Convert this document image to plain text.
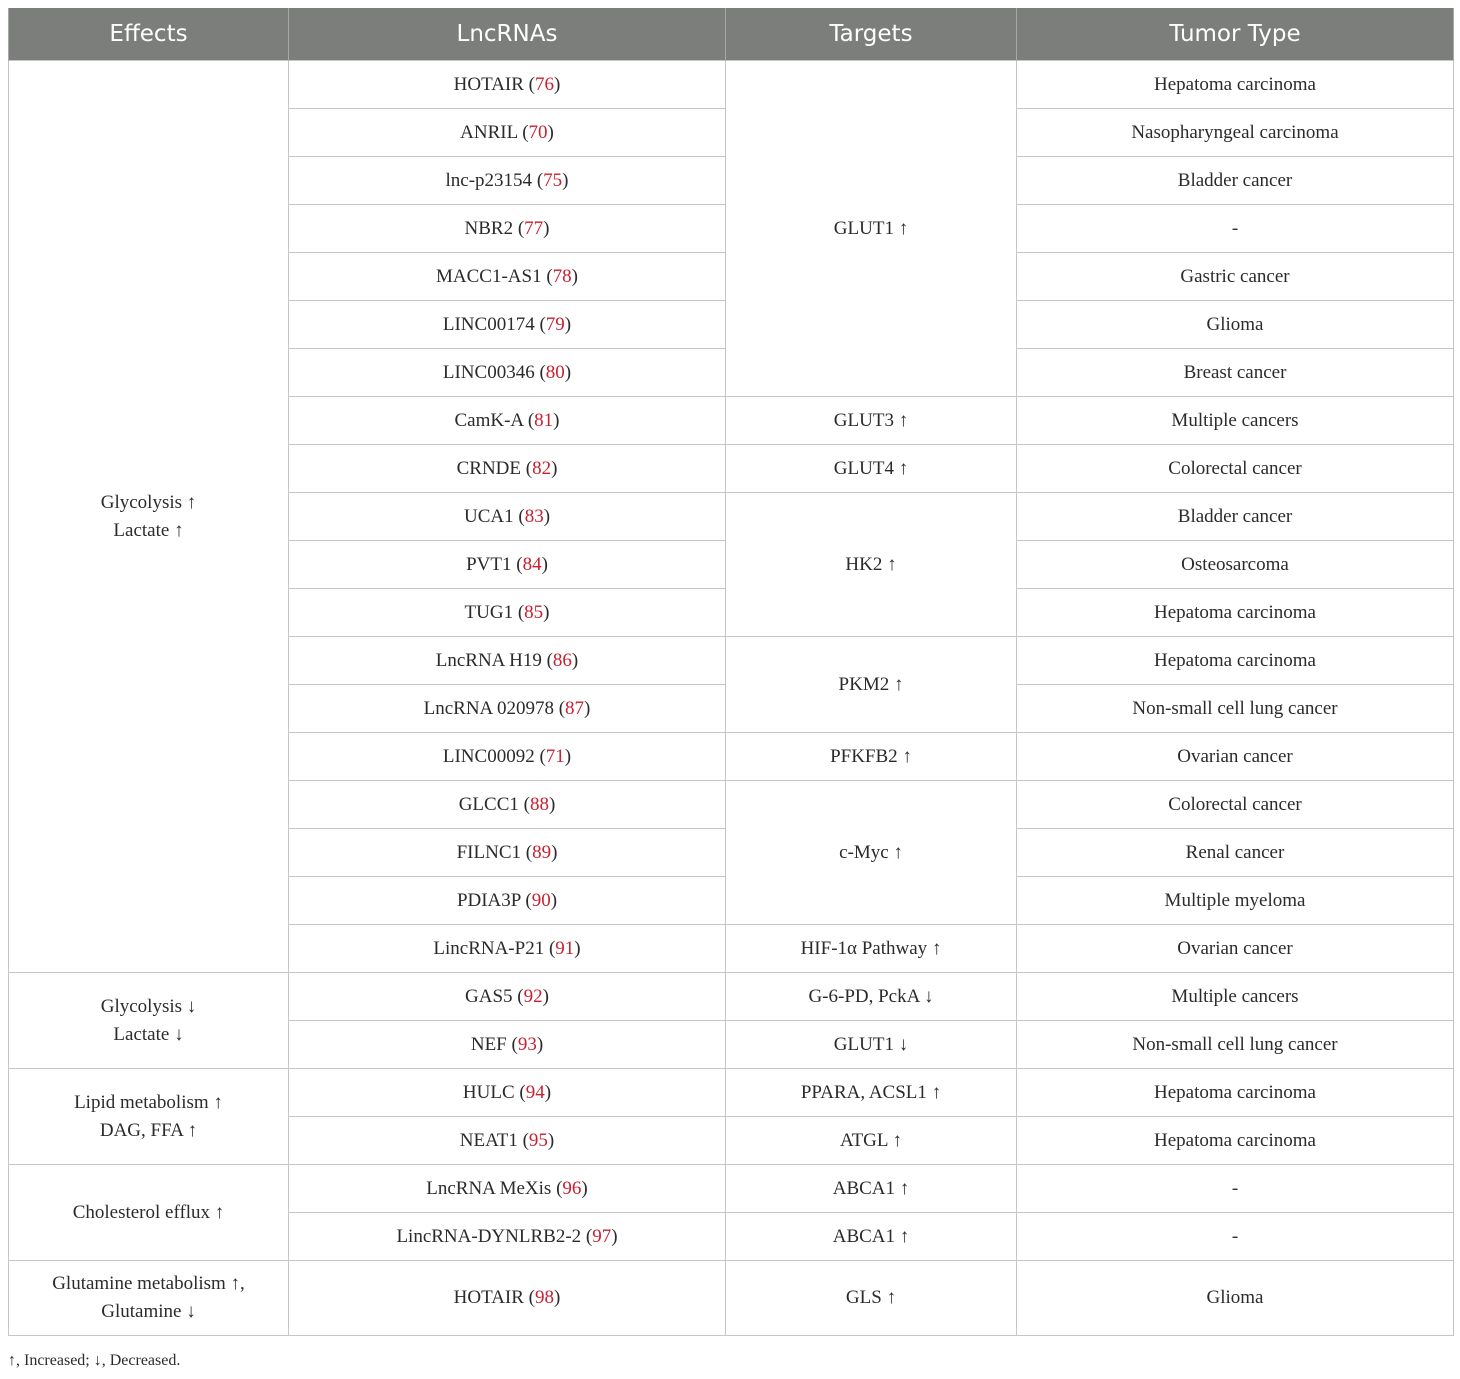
Effects	LncRNAs	Targets	Tumor Type

Glycolysis ↑
Lactate ↑	HOTAIR (76)	GLUT1 ↑	Hepatoma carcinoma
	ANRIL (70)		Nasopharyngeal carcinoma
	lnc-p23154 (75)		Bladder cancer
	NBR2 (77)		-
	MACC1-AS1 (78)		Gastric cancer
	LINC00174 (79)		Glioma
	LINC00346 (80)		Breast cancer
	CamK-A (81)	GLUT3 ↑	Multiple cancers
	CRNDE (82)	GLUT4 ↑	Colorectal cancer
	UCA1 (83)	HK2 ↑	Bladder cancer
	PVT1 (84)		Osteosarcoma
	TUG1 (85)		Hepatoma carcinoma
	LncRNA H19 (86)	PKM2 ↑	Hepatoma carcinoma
	LncRNA 020978 (87)		Non-small cell lung cancer
	LINC00092 (71)	PFKFB2 ↑	Ovarian cancer
	GLCC1 (88)	c-Myc ↑	Colorectal cancer
	FILNC1 (89)		Renal cancer
	PDIA3P (90)		Multiple myeloma
	LincRNA-P21 (91)	HIF-1α Pathway ↑	Ovarian cancer

Glycolysis ↓
Lactate ↓	GAS5 (92)	G-6-PD, PckA ↓	Multiple cancers
	NEF (93)	GLUT1 ↓	Non-small cell lung cancer

Lipid metabolism ↑
DAG, FFA ↑	HULC (94)	PPARA, ACSL1 ↑	Hepatoma carcinoma
	NEAT1 (95)	ATGL ↑	Hepatoma carcinoma

Cholesterol efflux ↑	LncRNA MeXis (96)	ABCA1 ↑	-
	LincRNA-DYNLRB2-2 (97)	ABCA1 ↑	-

Glutamine metabolism ↑,
Glutamine ↓	HOTAIR (98)	GLS ↑	Glioma
↑, Increased; ↓, Decreased.
